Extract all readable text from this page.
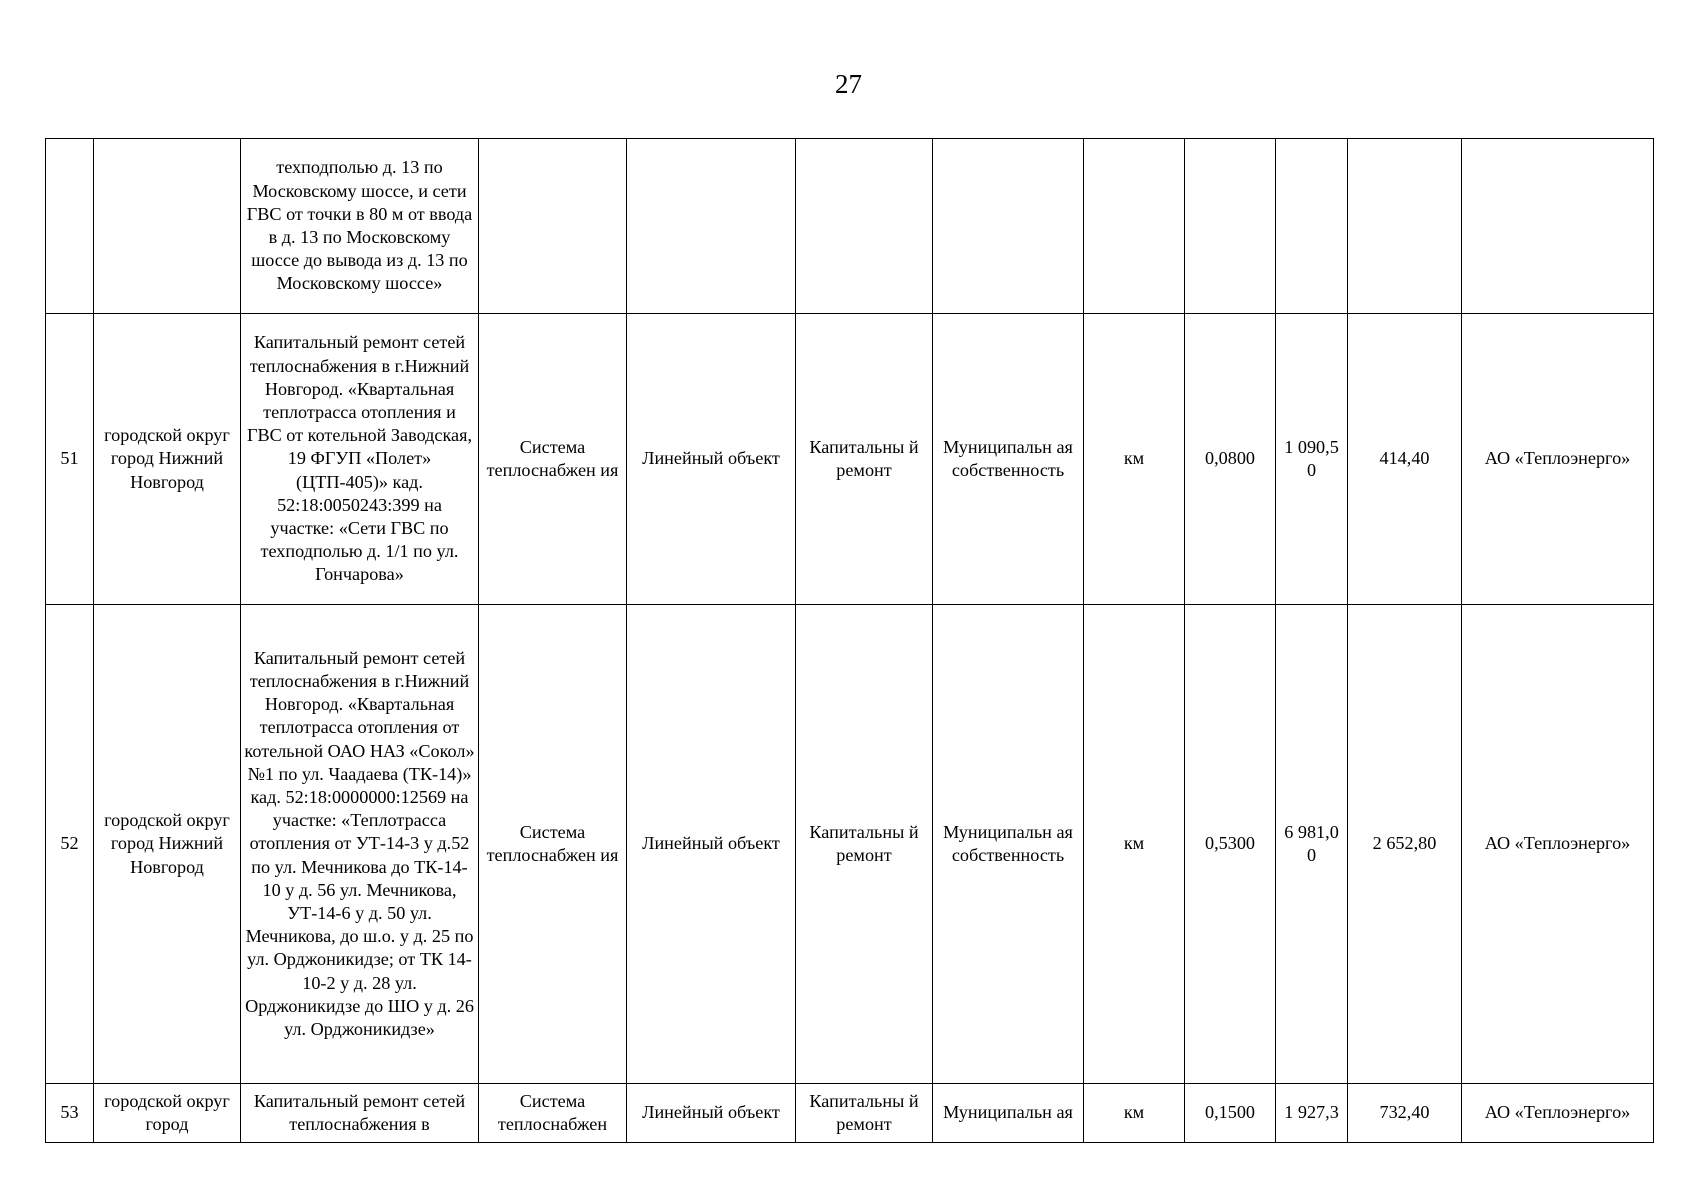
27
		техподполью д. 13 по Московскому шоссе, и сети ГВС от точки в 80 м от ввода в д. 13 по Московскому шоссе до вывода из д. 13 по Московскому шоссе»									
51	городской округ город Нижний Новгород	Капитальный ремонт сетей теплоснабжения в г.Нижний Новгород. «Квартальная теплотрасса отопления и ГВС от котельной Заводская, 19 ФГУП «Полет» (ЦТП-405)» кад. 52:18:0050243:399 на участке: «Сети ГВС по техподполью д. 1/1 по ул. Гончарова»	Система теплоснабжен ия	Линейный объект	Капитальны й ремонт	Муниципальн ая собственность	км	0,0800	1 090,5 0	414,40	АО «Теплоэнерго»
52	городской округ город Нижний Новгород	Капитальный ремонт сетей теплоснабжения в г.Нижний Новгород. «Квартальная теплотрасса отопления от котельной ОАО НАЗ «Сокол» №1 по ул. Чаадаева (ТК-14)» кад. 52:18:0000000:12569 на участке: «Теплотрасса отопления от УТ-14-3 у д.52 по ул. Мечникова до ТК-14-10 у д. 56 ул. Мечникова, УТ-14-6 у д. 50 ул. Мечникова, до ш.о. у д. 25 по ул. Орджоникидзе; от ТК 14-10-2 у д. 28 ул. Орджоникидзе до ШО у д. 26 ул. Орджоникидзе»	Система теплоснабжен ия	Линейный объект	Капитальны й ремонт	Муниципальн ая собственность	км	0,5300	6 981,0 0	2 652,80	АО «Теплоэнерго»
53	городской округ город	Капитальный ремонт сетей теплоснабжения в	Система теплоснабжен	Линейный объект	Капитальны й ремонт	Муниципальн ая	км	0,1500	1 927,3	732,40	АО «Теплоэнерго»
